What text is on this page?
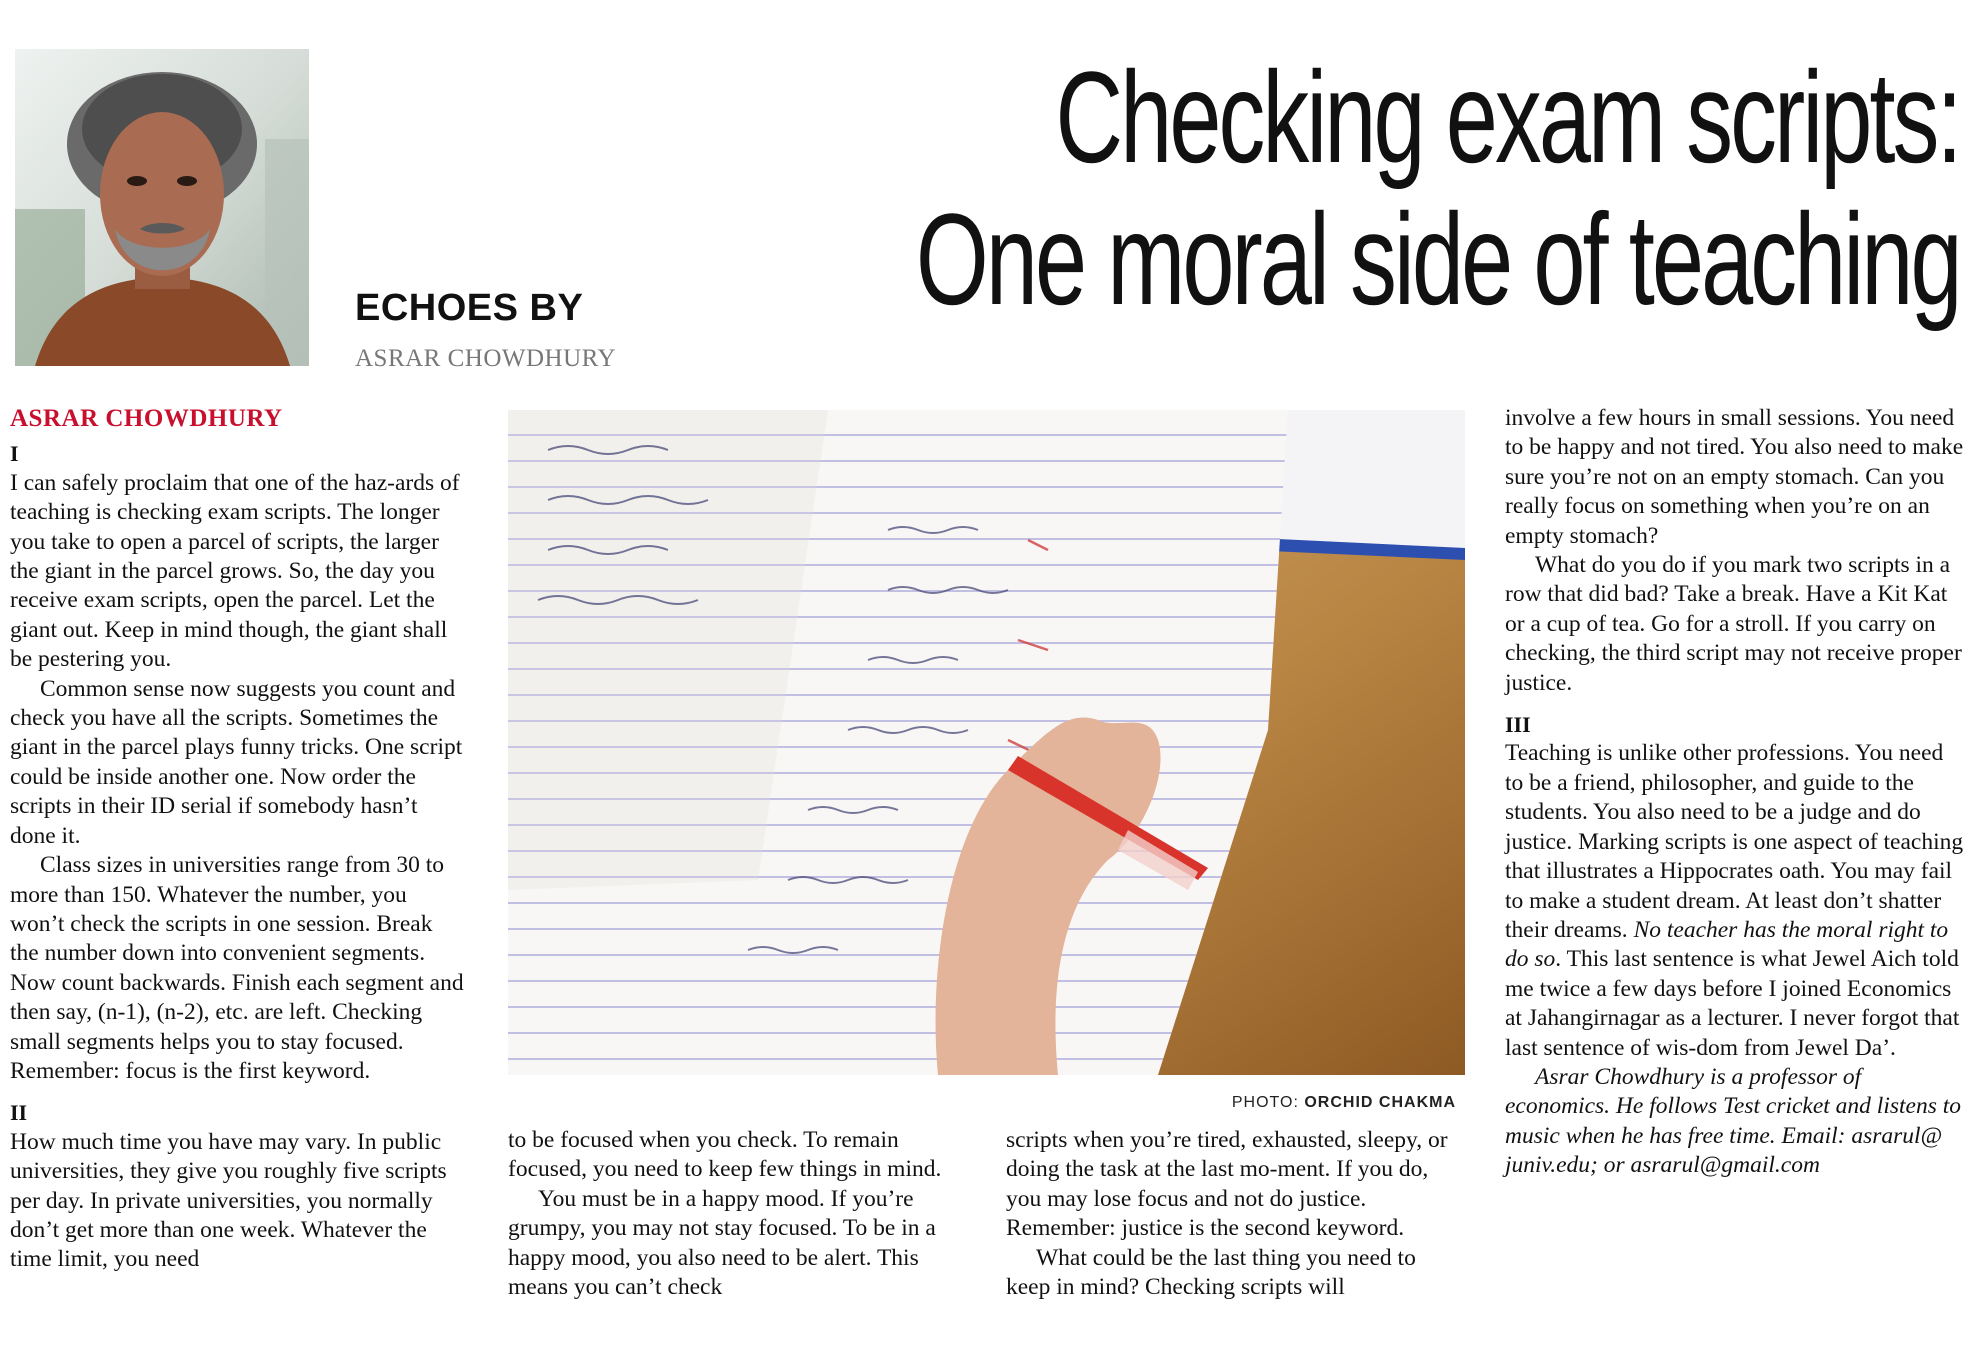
ECHOES BY
ASRAR CHOWDHURY
Checking exam scripts:
One moral side of teaching
ASRAR CHOWDHURY
I

I can safely proclaim that one of the haz-ards of teaching is checking exam scripts. The longer you take to open a parcel of scripts, the larger the giant in the parcel grows. So, the day you receive exam scripts, open the parcel. Let the giant out. Keep in mind though, the giant shall be pestering you.

Common sense now suggests you count and check you have all the scripts. Sometimes the giant in the parcel plays funny tricks. One script could be inside another one. Now order the scripts in their ID serial if somebody hasn’t done it.

Class sizes in universities range from 30 to more than 150. Whatever the number, you won’t check the scripts in one session. Break the number down into convenient segments. Now count backwards. Finish each segment and then say, (n-1), (n-2), etc. are left. Checking small segments helps you to stay focused. Remember: focus is the first keyword.

II

How much time you have may vary. In public universities, they give you roughly five scripts per day. In private universities, you normally don’t get more than one week. Whatever the time limit, you need

PHOTO: ORCHID CHAKMA

to be focused when you check. To remain focused, you need to keep few things in mind.

You must be in a happy mood. If you’re grumpy, you may not stay focused. To be in a happy mood, you also need to be alert. This means you can’t check

scripts when you’re tired, exhausted, sleepy, or doing the task at the last mo-ment. If you do, you may lose focus and not do justice. Remember: justice is the second keyword.

What could be the last thing you need to keep in mind? Checking scripts will

involve a few hours in small sessions. You need to be happy and not tired. You also need to make sure you’re not on an empty stomach. Can you really focus on something when you’re on an empty stomach?

What do you do if you mark two scripts in a row that did bad? Take a break. Have a Kit Kat or a cup of tea. Go for a stroll. If you carry on checking, the third script may not receive proper justice.

III

Teaching is unlike other professions. You need to be a friend, philosopher, and guide to the students. You also need to be a judge and do justice. Marking scripts is one aspect of teaching that illustrates a Hippocrates oath. You may fail to make a student dream. At least don’t shatter their dreams. No teacher has the moral right to do so. This last sentence is what Jewel Aich told me twice a few days before I joined Economics at Jahangirnagar as a lecturer. I never forgot that last sentence of wis-dom from Jewel Da’.

Asrar Chowdhury is a professor of economics. He follows Test cricket and listens to music when he has free time. Email: asrarul@ juniv.edu; or asrarul@gmail.com
